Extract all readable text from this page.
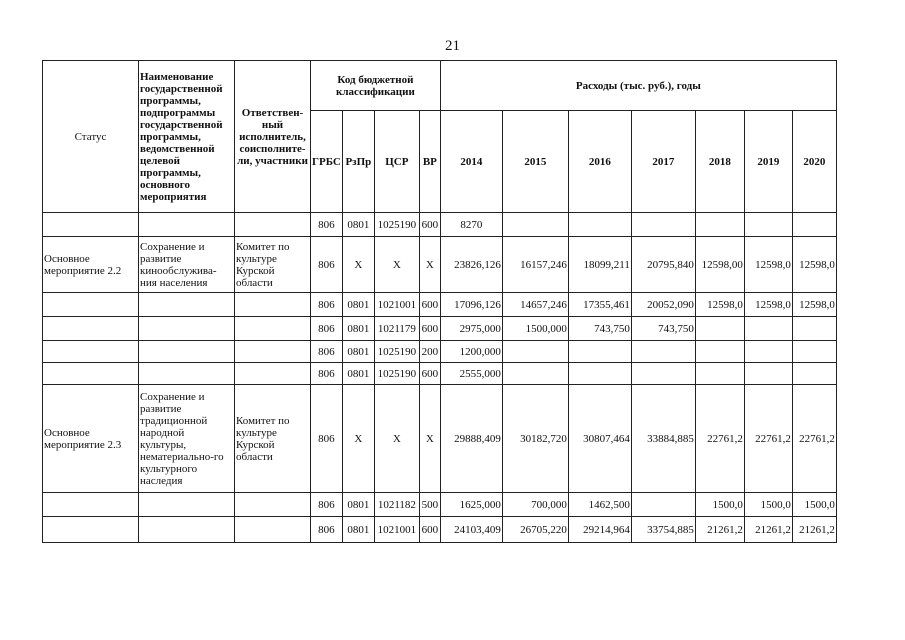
21
Статус	Наименование государственной программы, подпрограммы государственной программы, ведомственной целевой программы, основного мероприятия	Ответствен-ный исполнитель, соисполните-ли, участники	Код бюджетной классификации				Расходы (тыс. руб.), годы						
			ГРБС	РзПр	ЦСР	ВР	2014	2015	2016	2017	2018	2019	2020
			806	0801	1025190	600	8270						
Основное мероприятие 2.2	Сохранение и развитие кинообслужива-ния населения	Комитет по культуре Курской области	806	Х	Х	Х	23826,126	16157,246	18099,211	20795,840	12598,00	12598,0	12598,0
			806	0801	1021001	600	17096,126	14657,246	17355,461	20052,090	12598,0	12598,0	12598,0
			806	0801	1021179	600	2975,000	1500,000	743,750	743,750			
			806	0801	1025190	200	1200,000						
			806	0801	1025190	600	2555,000						
Основное мероприятие 2.3	Сохранение и развитие традиционной народной культуры, нематериально-го культурного наследия	Комитет по культуре Курской области	806	Х	Х	Х	29888,409	30182,720	30807,464	33884,885	22761,2	22761,2	22761,2
			806	0801	1021182	500	1625,000	700,000	1462,500		1500,0	1500,0	1500,0
			806	0801	1021001	600	24103,409	26705,220	29214,964	33754,885	21261,2	21261,2	21261,2
